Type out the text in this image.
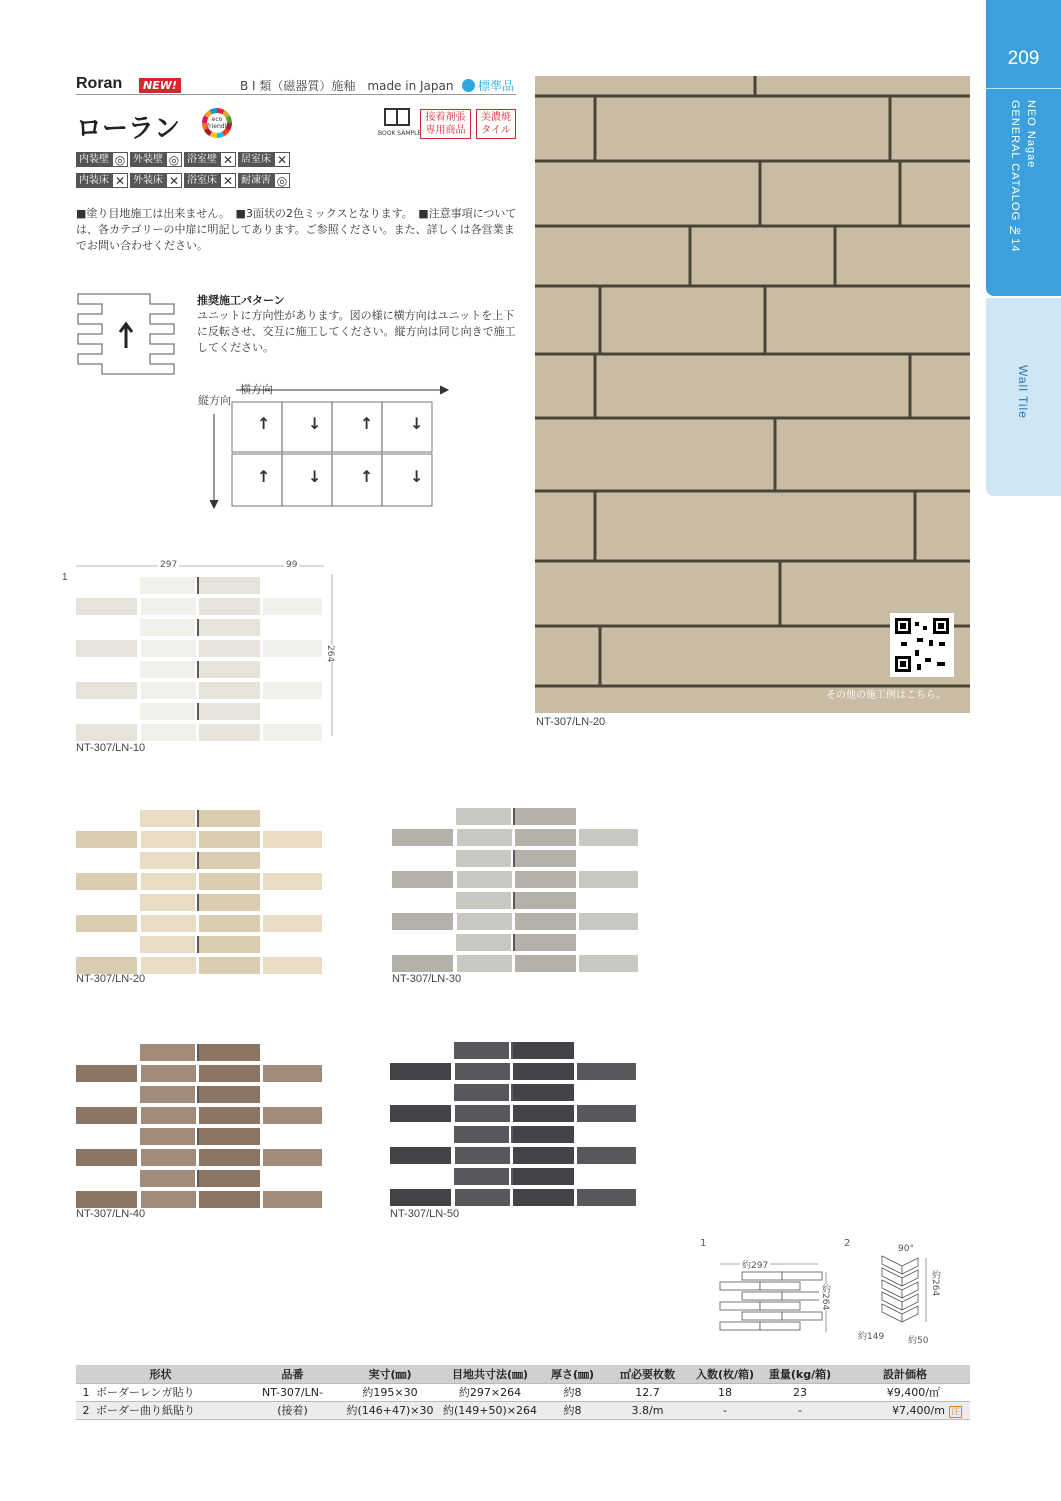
209
NEO Nagae
GENERAL CATALOG №14
Wall Tile
Roran	NEW!	B I 類（磁器質）施釉　made in Japan 標準品
ローラン	eco friendly
BOOK SAMPLE
接着剤張
専用商品
美濃焼
タイル
内装壁 ◎ 外装壁 ◎ 浴室壁 ✕ 居室床 ✕
内装床 ✕ 外装床 ✕ 浴室床 ✕ 耐凍害 ◎
■塗り目地施工は出来ません。　■3面状の2色ミックスとなります。　■注意事項については、各カテゴリーの中扉に明記してあります。ご参照ください。また、詳しくは各営業までお問い合わせください。
推奨施工パターン
ユニットに方向性があります。図の様に横方向はユニットを上下に反転させ、交互に施工してください。縦方向は同じ向きで施工してください。
縦方向
↑ ↓ ↑ ↓
↑ ↓ ↑ ↓
その他の施工例はこちら。
NT-307/LN-20
1
297	99
264
NT-307/LN-10
NT-307/LN-20	NT-307/LN-30
NT-307/LN-40	NT-307/LN-50
1
約297
約264
2	90°
約264
約149	約50
形状		品番	実寸(㎜)	目地共寸法(㎜)	厚さ(㎜)	㎡必要枚数	入数(枚/箱)	重量(kg/箱)	設計価格
1	ボーダーレンガ貼り	NT-307/LN-	約195×30	約297×264	約8	12.7	18	23	¥9,400/㎡
2	ボーダー曲り紙貼り	(接着)	約(146+47)×30	約(149+50)×264	約8	3.8/m	-	-	¥7,400/m 注
